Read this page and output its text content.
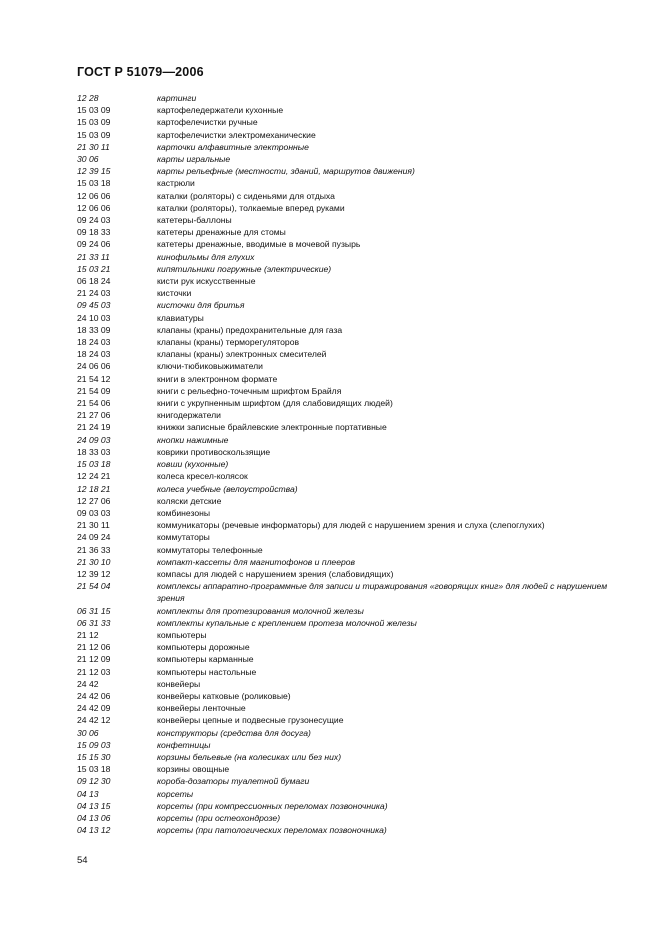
ГОСТ Р 51079—2006
12 28	картинги
15 03 09	картофеледержатели кухонные
15 03 09	картофелечистки ручные
15 03 09	картофелечистки электромеханические
21 30 11	карточки алфавитные электронные
30 06	карты игральные
12 39 15	карты рельефные (местности, зданий, маршрутов движения)
15 03 18	кастрюли
12 06 06	каталки (роляторы) с сиденьями для отдыха
12 06 06	каталки (роляторы), толкаемые вперед руками
09 24 03	катетеры-баллоны
09 18 33	катетеры дренажные для стомы
09 24 06	катетеры дренажные, вводимые в мочевой пузырь
21 33 11	кинофильмы для глухих
15 03 21	кипятильники погружные (электрические)
06 18 24	кисти рук искусственные
21 24 03	кисточки
09 45 03	кисточки для бритья
24 10 03	клавиатуры
18 33 09	клапаны (краны) предохранительные для газа
18 24 03	клапаны (краны) терморегуляторов
18 24 03	клапаны (краны) электронных смесителей
24 06 06	ключи-тюбиковыжиматели
21 54 12	книги в электронном формате
21 54 09	книги с рельефно-точечным шрифтом Брайля
21 54 06	книги с укрупненным шрифтом (для слабовидящих людей)
21 27 06	книгодержатели
21 24 19	книжки записные брайлевские электронные портативные
24 09 03	кнопки нажимные
18 33 03	коврики противоскользящие
15 03 18	ковши (кухонные)
12 24 21	колеса кресел-колясок
12 18 21	колеса учебные (велоустройства)
12 27 06	коляски детские
09 03 03	комбинезоны
21 30 11	коммуникаторы (речевые информаторы) для людей с нарушением зрения и слуха (слепоглухих)
24 09 24	коммутаторы
21 36 33	коммутаторы телефонные
21 30 10	компакт-кассеты для магнитофонов и плееров
12 39 12	компасы для людей с нарушением зрения (слабовидящих)
21 54 04	комплексы аппаратно-программные для записи и тиражирования «говорящих книг» для людей с нарушением зрения
06 31 15	комплекты для протезирования молочной железы
06 31 33	комплекты купальные с креплением протеза молочной железы
21 12	компьютеры
21 12 06	компьютеры дорожные
21 12 09	компьютеры карманные
21 12 03	компьютеры настольные
24 42	конвейеры
24 42 06	конвейеры катковые (роликовые)
24 42 09	конвейеры ленточные
24 42 12	конвейеры цепные и подвесные грузонесущие
30 06	конструкторы (средства для досуга)
15 09 03	конфетницы
15 15 30	корзины бельевые (на колесиках или без них)
15 03 18	корзины овощные
09 12 30	короба-дозаторы туалетной бумаги
04 13	корсеты
04 13 15	корсеты (при компрессионных переломах позвоночника)
04 13 06	корсеты (при остеохондрозе)
04 13 12	корсеты (при патологических переломах позвоночника)
54
